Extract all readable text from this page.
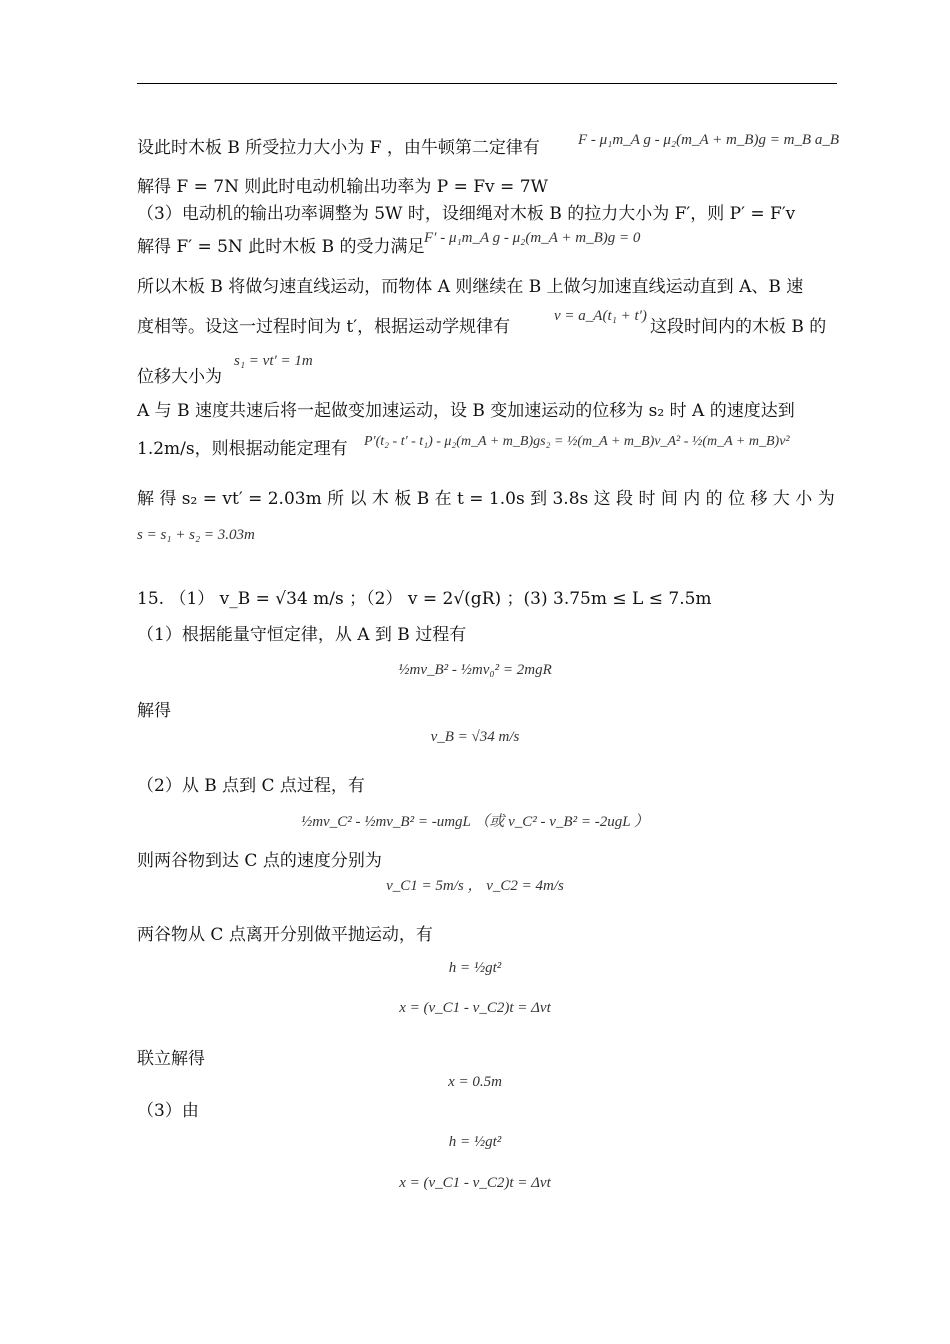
设此时木板 B 所受拉力大小为 F ，由牛顿第二定律有	F - μ₁m_A g - μ₂(m_A + m_B)g = m_B a_B
解得 F = 7N 则此时电动机输出功率为 P = Fv = 7W
（3）电动机的输出功率调整为 5W 时，设细绳对木板 B 的拉力大小为 F′，则 P′ = F′v
解得 F′ = 5N 此时木板 B 的受力满足 F′ - μ₁m_A g - μ₂(m_A + m_B)g = 0
所以木板 B 将做匀速直线运动，而物体 A 则继续在 B 上做匀加速直线运动直到 A、B 速
度相等。设这一过程时间为 t′，根据运动学规律有
v = a_A(t₁ + t′)
这段时间内的木板 B 的
位移大小为
s₁ = vt′ = 1m
A 与 B 速度共速后将一起做变加速运动，设 B 变加速运动的位移为 s₂ 时 A 的速度达到
1.2m/s，则根据动能定理有	P′(t₂ - t′ - t₁) - μ₂(m_A + m_B)gs₂ = ½(m_A + m_B)v_A² - ½(m_A + m_B)v²
解 得 s₂ = vt′ = 2.03m 所 以 木 板 B 在 t = 1.0s 到 3.8s 这 段 时 间 内 的 位 移 大 小 为
s = s₁ + s₂ = 3.03m
15. （1） v_B = √34 m/s ；（2） v = 2√(gR) ；(3) 3.75m ≤ L ≤ 7.5m
（1）根据能量守恒定律，从 A 到 B 过程有
½mv_B² - ½mv₀² = 2mgR
解得
v_B = √34 m/s
（2）从 B 点到 C 点过程，有
½mv_C² - ½mv_B² = -umgL （或 v_C² - v_B² = -2ugL ）
则两谷物到达 C 点的速度分别为
v_C1 = 5m/s ， v_C2 = 4m/s
两谷物从 C 点离开分别做平抛运动，有
h = ½gt²
x = (v_C1 - v_C2)t = Δvt
联立解得
x = 0.5m
（3）由
h = ½gt²
x = (v_C1 - v_C2)t = Δvt
